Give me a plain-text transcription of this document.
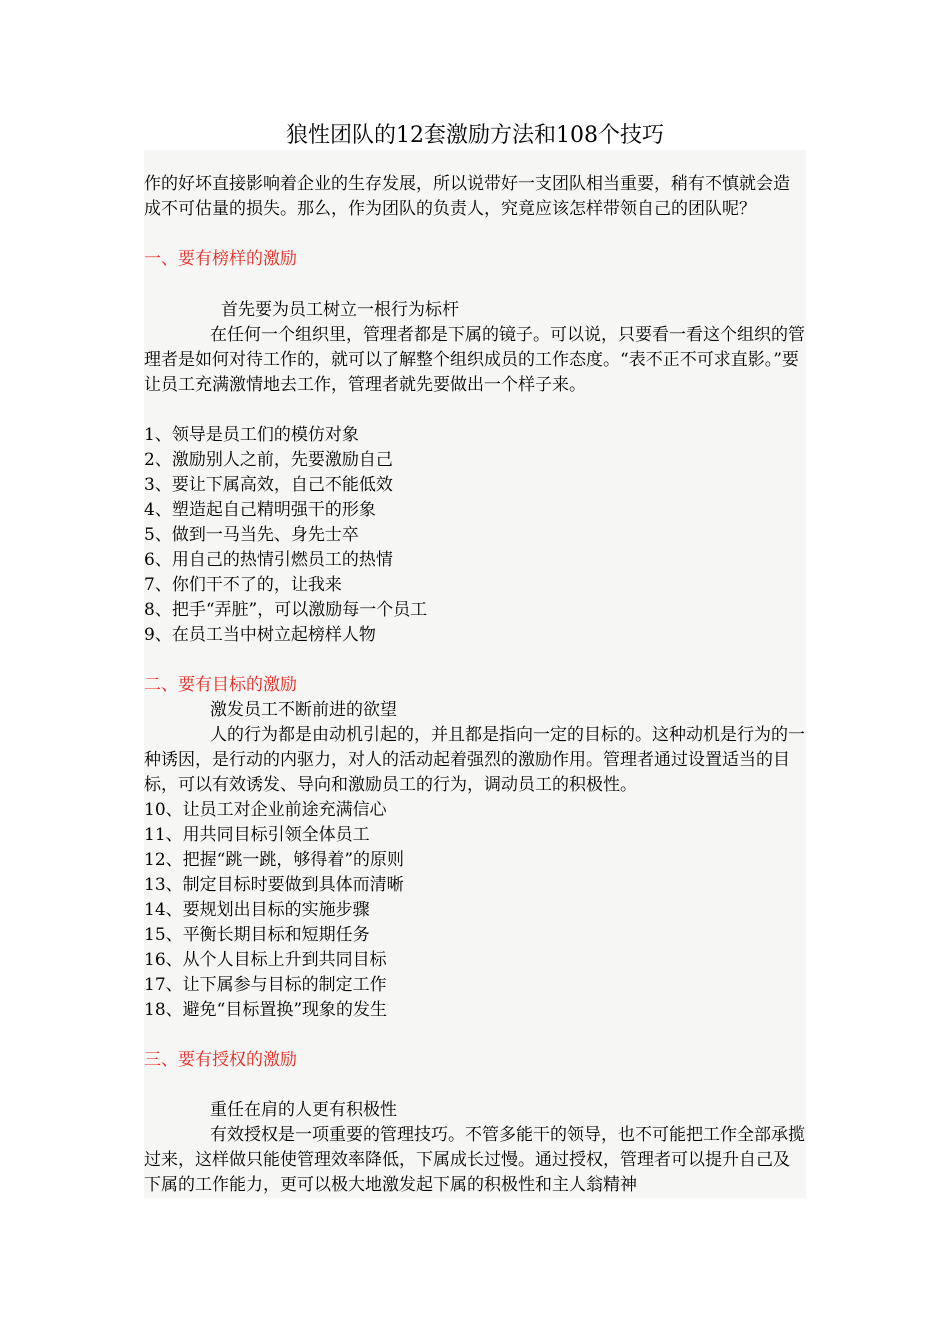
狼性团队的12套激励方法和108个技巧

作的好坏直接影响着企业的生存发展，所以说带好一支团队相当重要，稍有不慎就会造成不可估量的损失。那么，作为团队的负责人，究竟应该怎样带领自己的团队呢？

一、要有榜样的激励

首先要为员工树立一根行为标杆

在任何一个组织里，管理者都是下属的镜子。可以说，只要看一看这个组织的管理者是如何对待工作的，就可以了解整个组织成员的工作态度。“表不正不可求直影。”要让员工充满激情地去工作，管理者就先要做出一个样子来。

1、领导是员工们的模仿对象

2、激励别人之前，先要激励自己

3、要让下属高效，自己不能低效

4、塑造起自己精明强干的形象

5、做到一马当先、身先士卒

6、用自己的热情引燃员工的热情

7、你们干不了的，让我来

8、把手“弄脏”，可以激励每一个员工

9、在员工当中树立起榜样人物

二、要有目标的激励

激发员工不断前进的欲望

人的行为都是由动机引起的，并且都是指向一定的目标的。这种动机是行为的一种诱因，是行动的内驱力，对人的活动起着强烈的激励作用。管理者通过设置适当的目标，可以有效诱发、导向和激励员工的行为，调动员工的积极性。

10、让员工对企业前途充满信心

11、用共同目标引领全体员工

12、把握“跳一跳，够得着”的原则

13、制定目标时要做到具体而清晰

14、要规划出目标的实施步骤

15、平衡长期目标和短期任务

16、从个人目标上升到共同目标

17、让下属参与目标的制定工作

18、避免“目标置换”现象的发生

三、要有授权的激励

重任在肩的人更有积极性

有效授权是一项重要的管理技巧。不管多能干的领导，也不可能把工作全部承揽过来，这样做只能使管理效率降低，下属成长过慢。通过授权，管理者可以提升自己及下属的工作能力，更可以极大地激发起下属的积极性和主人翁精神
